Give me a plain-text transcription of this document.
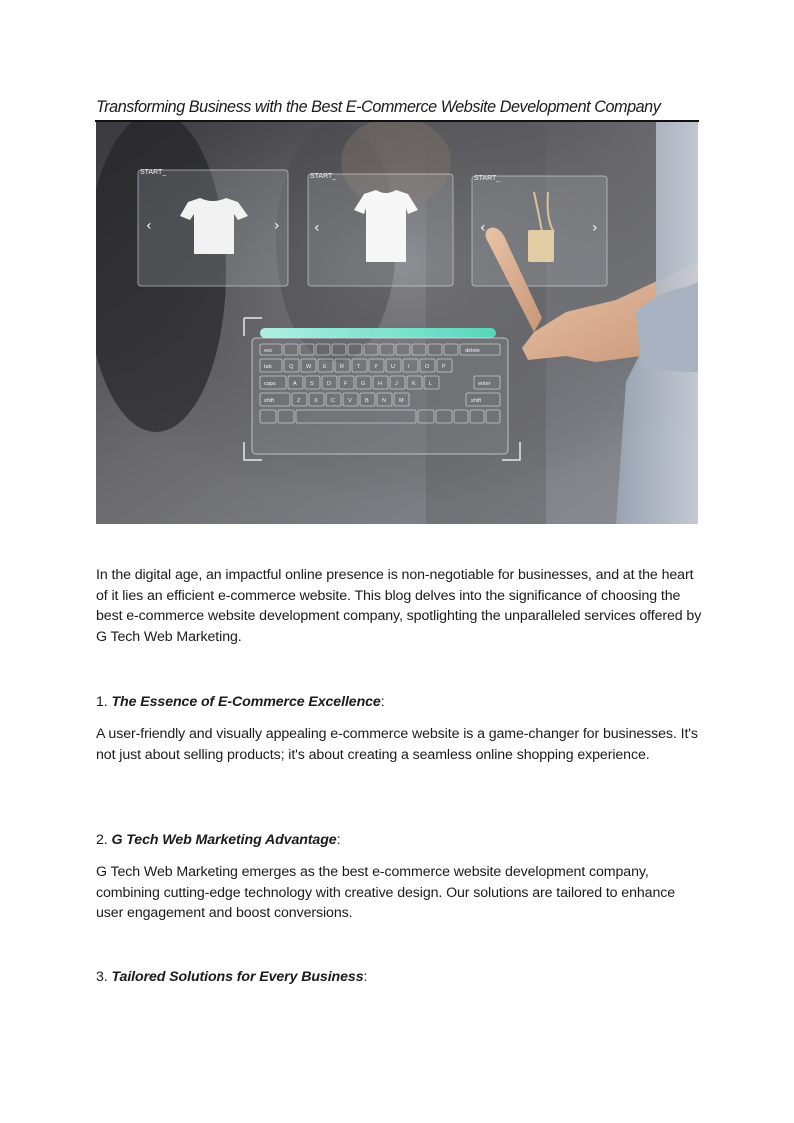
Transforming Business with the Best E-Commerce Website Development Company
START_
‹	›
START_
‹
START_
‹	›
Q W E R T Y U I	O P
A S D F G H J	K L
Z X C V B N M
esc	delete
tab
caps	enter
shift	shift

In the digital age, an impactful online presence is non-negotiable for businesses, and at the heart of it lies an efficient e-commerce website. This blog delves into the significance of choosing the best e-commerce website development company, spotlighting the unparalleled services offered by G Tech Web Marketing.

1. The Essence of E-Commerce Excellence:

A user-friendly and visually appealing e-commerce website is a game-changer for businesses. It's not just about selling products; it's about creating a seamless online shopping experience.

2. G Tech Web Marketing Advantage:

G Tech Web Marketing emerges as the best e-commerce website development company, combining cutting-edge technology with creative design. Our solutions are tailored to enhance user engagement and boost conversions.

3. Tailored Solutions for Every Business:
